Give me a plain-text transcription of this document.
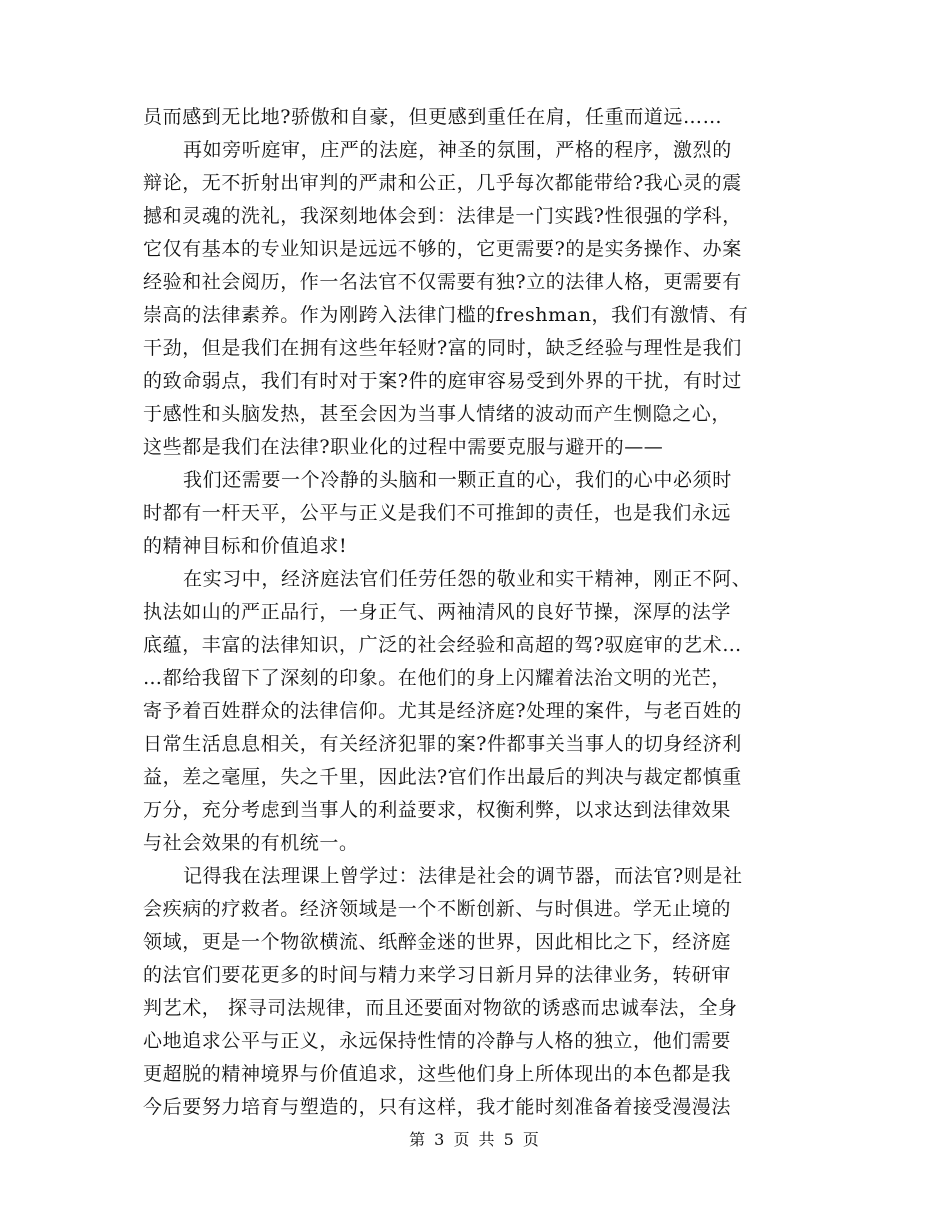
员而感到无比地?骄傲和自豪，但更感到重任在肩，任重而道远……
再如旁听庭审，庄严的法庭，神圣的氛围，严格的程序，激烈的
辩论，无不折射出审判的严肃和公正，几乎每次都能带给?我心灵的震
撼和灵魂的洗礼，我深刻地体会到：法律是一门实践?性很强的学科，
它仅有基本的专业知识是远远不够的，它更需要?的是实务操作、办案
经验和社会阅历，作一名法官不仅需要有独?立的法律人格，更需要有
崇高的法律素养。作为刚跨入法律门槛的freshman，我们有激情、有
干劲，但是我们在拥有这些年轻财?富的同时，缺乏经验与理性是我们
的致命弱点，我们有时对于案?件的庭审容易受到外界的干扰，有时过
于感性和头脑发热，甚至会因为当事人情绪的波动而产生恻隐之心，
这些都是我们在法律?职业化的过程中需要克服与避开的——
我们还需要一个冷静的头脑和一颗正直的心，我们的心中必须时
时都有一杆天平，公平与正义是我们不可推卸的责任，也是我们永远
的精神目标和价值追求!
在实习中，经济庭法官们任劳任怨的敬业和实干精神，刚正不阿、
执法如山的严正品行，一身正气、两袖清风的良好节操，深厚的法学
底蕴，丰富的法律知识，广泛的社会经验和高超的驾?驭庭审的艺术…
…都给我留下了深刻的印象。在他们的身上闪耀着法治文明的光芒，
寄予着百姓群众的法律信仰。尤其是经济庭?处理的案件，与老百姓的
日常生活息息相关，有关经济犯罪的案?件都事关当事人的切身经济利
益，差之毫厘，失之千里，因此法?官们作出最后的判决与裁定都慎重
万分，充分考虑到当事人的利益要求，权衡利弊，以求达到法律效果
与社会效果的有机统一。
记得我在法理课上曾学过：法律是社会的调节器，而法官?则是社
会疾病的疗救者。经济领域是一个不断创新、与时俱进。学无止境的
领域，更是一个物欲横流、纸醉金迷的世界，因此相比之下，经济庭
的法官们要花更多的时间与精力来学习日新月异的法律业务，转研审
判艺术， 探寻司法规律，而且还要面对物欲的诱惑而忠诚奉法，全身
心地追求公平与正义，永远保持性情的冷静与人格的独立，他们需要
更超脱的精神境界与价值追求，这些他们身上所体现出的本色都是我
今后要努力培育与塑造的，只有这样，我才能时刻准备着接受漫漫法
第 3 页 共 5 页
